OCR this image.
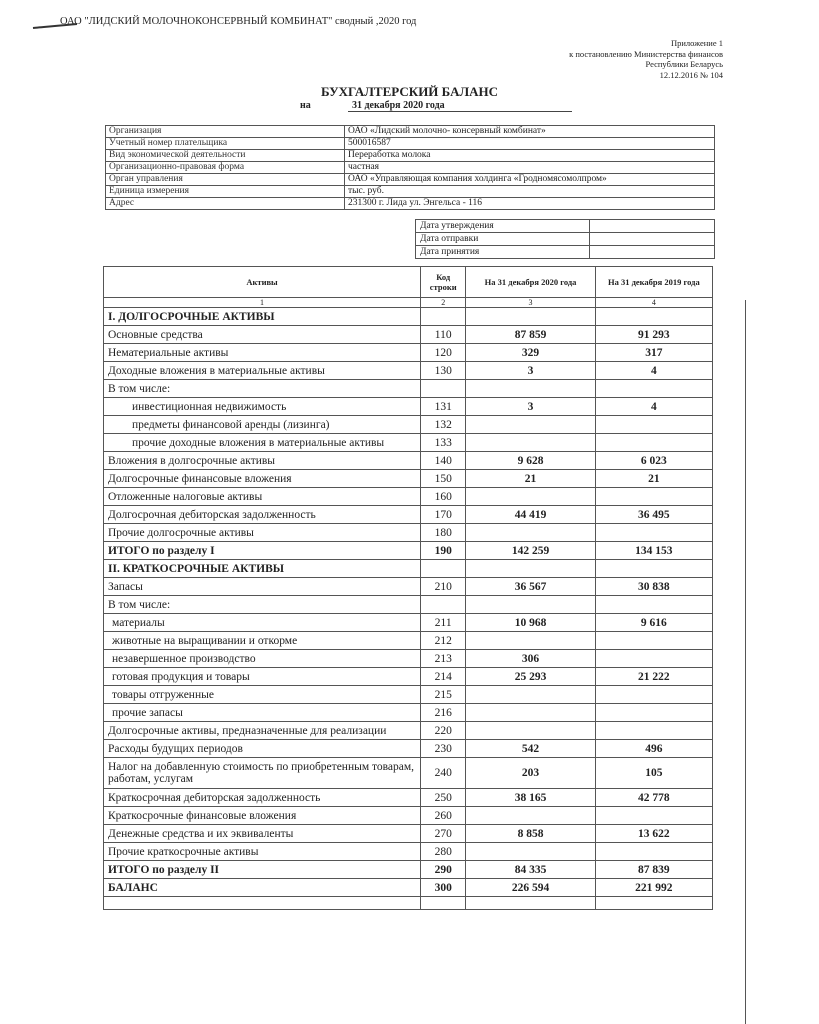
ОАО "ЛИДСКИЙ МОЛОЧНОКОНСЕРВНЫЙ КОМБИНАТ" сводный ,2020 год
Приложение 1
к постановлению Министерства финансов
Республики Беларусь
12.12.2016 № 104
БУХГАЛТЕРСКИЙ БАЛАНС
на	31 декабря 2020 года
Организация	ОАО «Лидский молочно- консервный комбинат»
Учетный номер плательщика	500016587
Вид экономической деятельности	Переработка молока
Организационно-правовая форма	частная
Орган управления	ОАО «Управляющая компания холдинга «Гродномясомолпром»
Единица измерения	тыс. руб.
Адрес	231300 г. Лида ул. Энгельса - 116
Дата утверждения	
Дата отправки	
Дата принятия	
Активы	Код строки	На 31 декабря 2020 года	На 31 декабря 2019 года
1	2	3	4
I. ДОЛГОСРОЧНЫЕ АКТИВЫ			
Основные средства	110	87 859	91 293
Нематериальные активы	120	329	317
Доходные вложения в материальные активы	130	3	4
В том числе:			
инвестиционная недвижимость	131	3	4
предметы финансовой аренды (лизинга)	132		
прочие доходные вложения в материальные активы	133		
Вложения в долгосрочные активы	140	9 628	6 023
Долгосрочные финансовые вложения	150	21	21
Отложенные налоговые активы	160		
Долгосрочная дебиторская задолженность	170	44 419	36 495
Прочие долгосрочные активы	180		
ИТОГО по разделу I	190	142 259	134 153
II. КРАТКОСРОЧНЫЕ АКТИВЫ			
Запасы	210	36 567	30 838
В том числе:			
материалы	211	10 968	9 616
животные на выращивании и откорме	212		
незавершенное производство	213	306	
готовая продукция и товары	214	25 293	21 222
товары отгруженные	215		
прочие запасы	216		
Долгосрочные активы, предназначенные для реализации	220		
Расходы будущих периодов	230	542	496
Налог на добавленную стоимость по приобретенным товарам, работам, услугам	240	203	105
Краткосрочная дебиторская задолженность	250	38 165	42 778
Краткосрочные финансовые вложения	260		
Денежные средства и их эквиваленты	270	8 858	13 622
Прочие краткосрочные активы	280		
ИТОГО по разделу II	290	84 335	87 839
БАЛАНС	300	226 594	221 992
